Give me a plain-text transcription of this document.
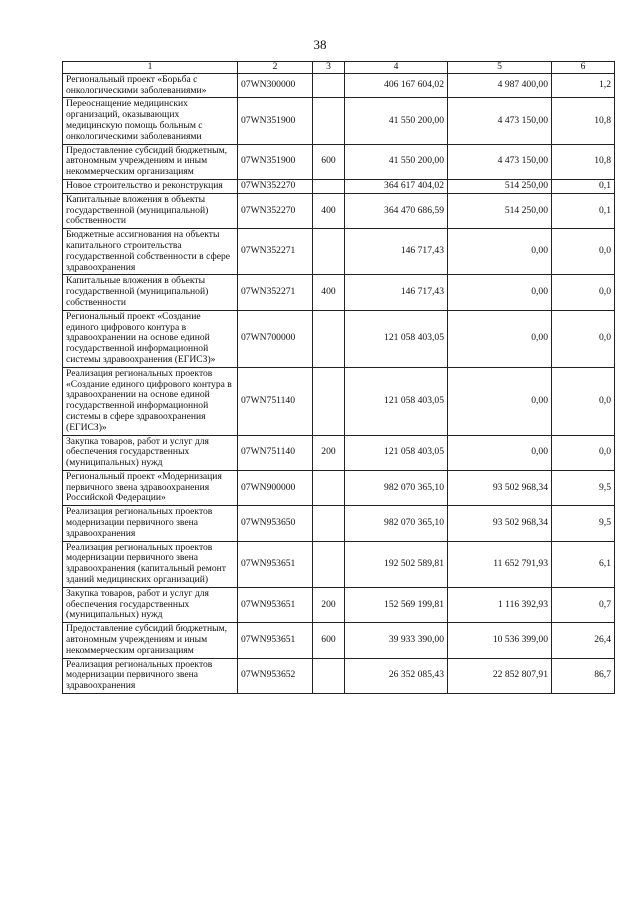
38
1	2	3	4	5	6
Региональный проект «Борьба с онкологическими заболеваниями»	07WN300000		406 167 604,02	4 987 400,00	1,2
Переоснащение медицинских организаций, оказывающих медицинскую помощь больным с онкологическими заболеваниями	07WN351900		41 550 200,00	4 473 150,00	10,8
Предоставление субсидий бюджетным, автономным учреждениям и иным некоммерческим организациям	07WN351900	600	41 550 200,00	4 473 150,00	10,8
Новое строительство и реконструкция	07WN352270		364 617 404,02	514 250,00	0,1
Капитальные вложения в объекты государственной (муниципальной) собственности	07WN352270	400	364 470 686,59	514 250,00	0,1
Бюджетные ассигнования на объекты капитального строительства государственной собственности в сфере здравоохранения	07WN352271		146 717,43	0,00	0,0
Капитальные вложения в объекты государственной (муниципальной) собственности	07WN352271	400	146 717,43	0,00	0,0
Региональный проект «Создание единого цифрового контура в здравоохранении на основе единой государственной информационной системы здравоохранения (ЕГИСЗ)»	07WN700000		121 058 403,05	0,00	0,0
Реализация региональных проектов «Создание единого цифрового контура в здравоохранении на основе единой государственной информационной системы в сфере здравоохранения (ЕГИСЗ)»	07WN751140		121 058 403,05	0,00	0,0
Закупка товаров, работ и услуг для обеспечения государственных (муниципальных) нужд	07WN751140	200	121 058 403,05	0,00	0,0
Региональный проект «Модернизация первичного звена здравоохранения Российской Федерации»	07WN900000		982 070 365,10	93 502 968,34	9,5
Реализация региональных проектов модернизации первичного звена здравоохранения	07WN953650		982 070 365,10	93 502 968,34	9,5
Реализация региональных проектов модернизации первичного звена здравоохранения (капитальный ремонт зданий медицинских организаций)	07WN953651		192 502 589,81	11 652 791,93	6,1
Закупка товаров, работ и услуг для обеспечения государственных (муниципальных) нужд	07WN953651	200	152 569 199,81	1 116 392,93	0,7
Предоставление субсидий бюджетным, автономным учреждениям и иным некоммерческим организациям	07WN953651	600	39 933 390,00	10 536 399,00	26,4
Реализация региональных проектов модернизации первичного звена здравоохранения	07WN953652		26 352 085,43	22 852 807,91	86,7
